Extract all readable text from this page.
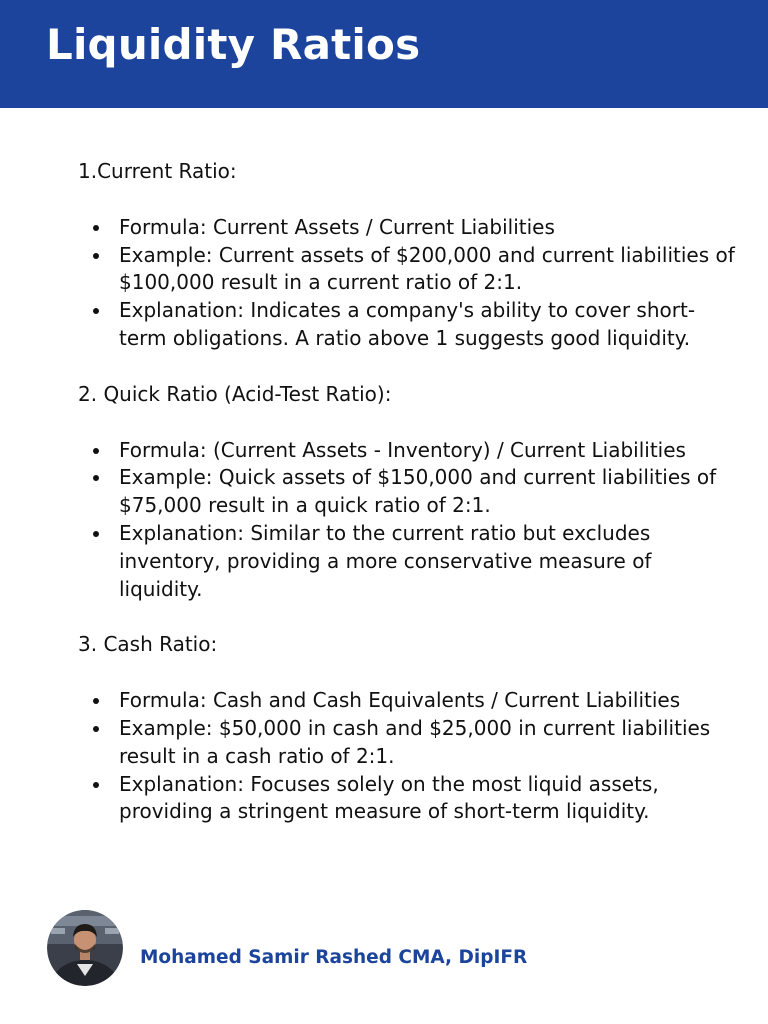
Liquidity Ratios

1.Current Ratio:

Formula: Current Assets / Current Liabilities
Example: Current assets of $200,000 and current liabilities of $100,000 result in a current ratio of 2:1.
Explanation: Indicates a company's ability to cover short-term obligations. A ratio above 1 suggests good liquidity.

2. Quick Ratio (Acid-Test Ratio):

Formula: (Current Assets - Inventory) / Current Liabilities
Example: Quick assets of $150,000 and current liabilities of $75,000 result in a quick ratio of 2:1.
Explanation: Similar to the current ratio but excludes inventory, providing a more conservative measure of liquidity.

3. Cash Ratio:

Formula: Cash and Cash Equivalents / Current Liabilities
Example: $50,000 in cash and $25,000 in current liabilities result in a cash ratio of 2:1.
Explanation: Focuses solely on the most liquid assets, providing a stringent measure of short-term liquidity.
Mohamed Samir Rashed CMA, DipIFR
